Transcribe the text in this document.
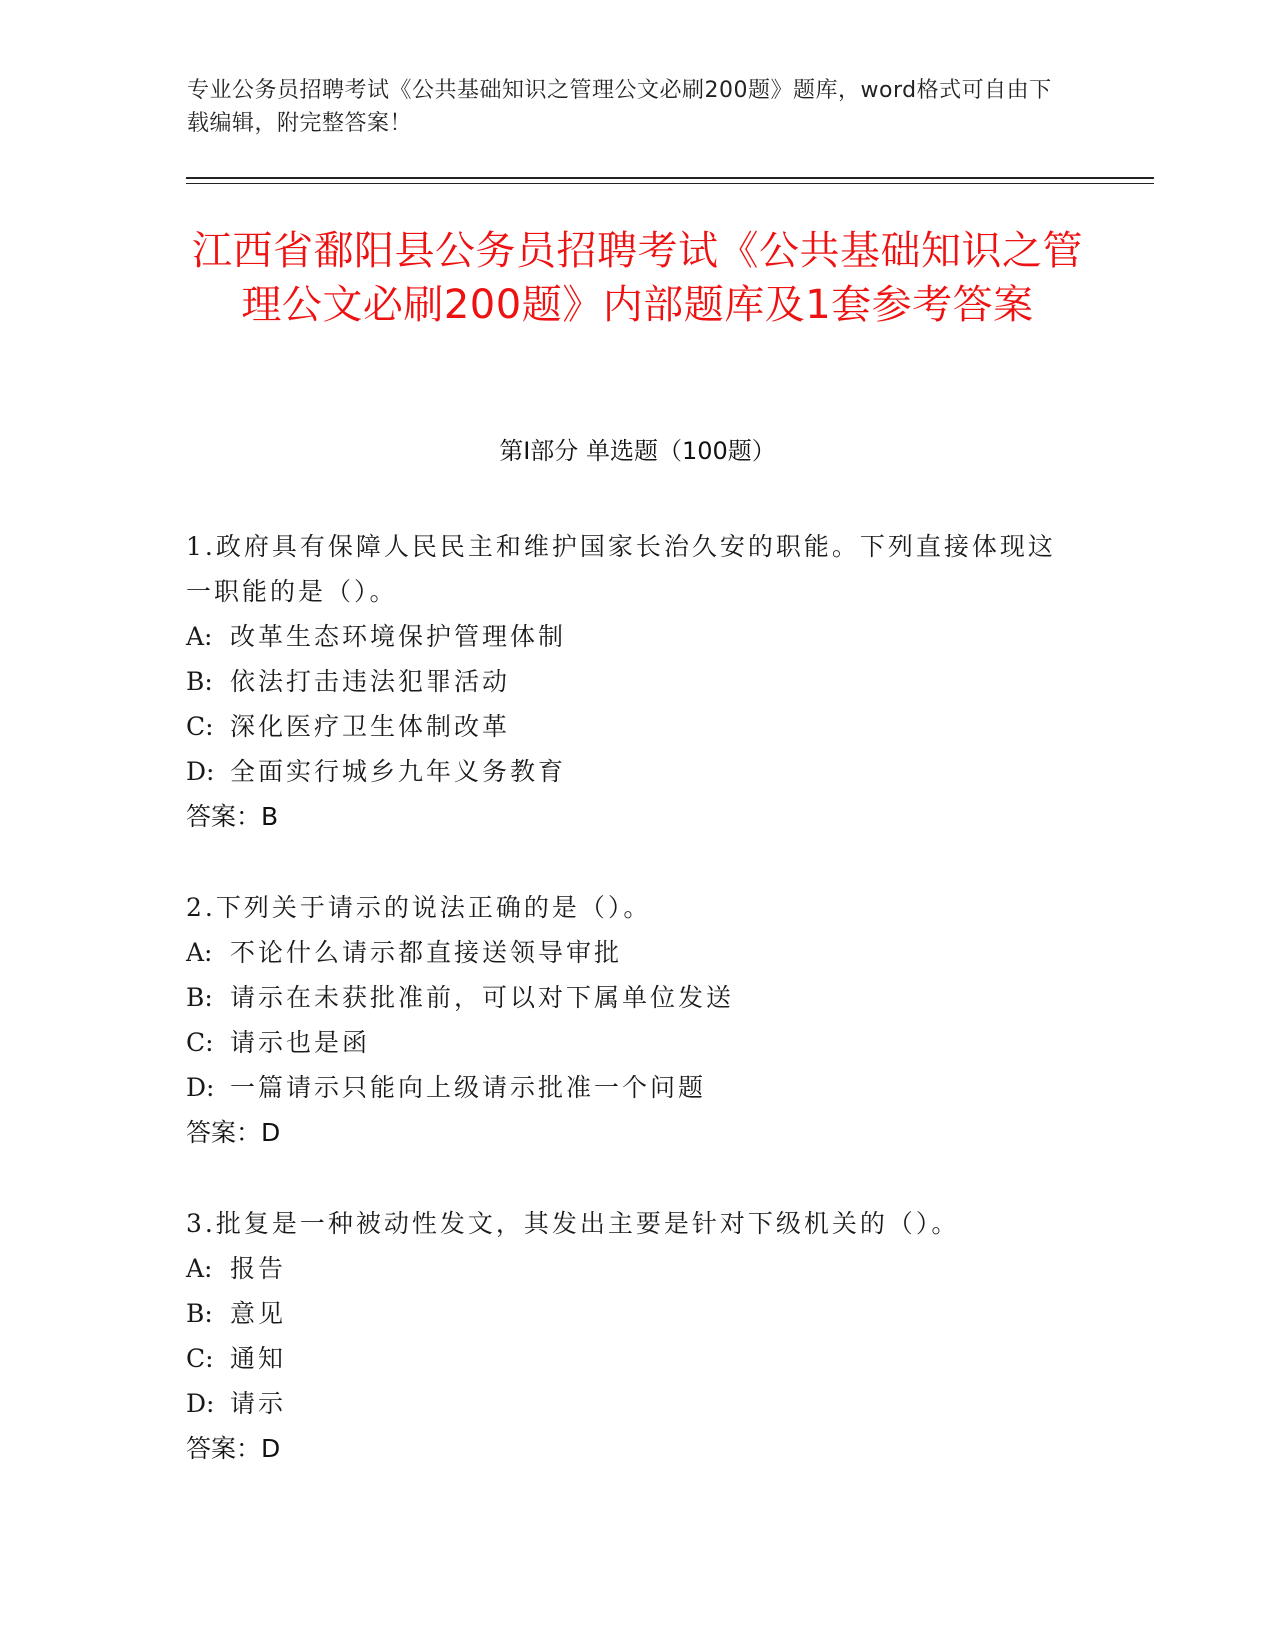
专业公务员招聘考试《公共基础知识之管理公文必刷200题》题库，word格式可自由下载编辑，附完整答案！
江西省鄱阳县公务员招聘考试《公共基础知识之管理公文必刷200题》内部题库及1套参考答案
第I部分 单选题（100题）
1.政府具有保障人民民主和维护国家长治久安的职能。下列直接体现这一职能的是（）。
A: 改革生态环境保护管理体制
B: 依法打击违法犯罪活动
C: 深化医疗卫生体制改革
D: 全面实行城乡九年义务教育
答案：B
2.下列关于请示的说法正确的是（）。
A: 不论什么请示都直接送领导审批
B: 请示在未获批准前，可以对下属单位发送
C: 请示也是函
D: 一篇请示只能向上级请示批准一个问题
答案：D
3.批复是一种被动性发文，其发出主要是针对下级机关的（）。
A: 报告
B: 意见
C: 通知
D: 请示
答案：D
